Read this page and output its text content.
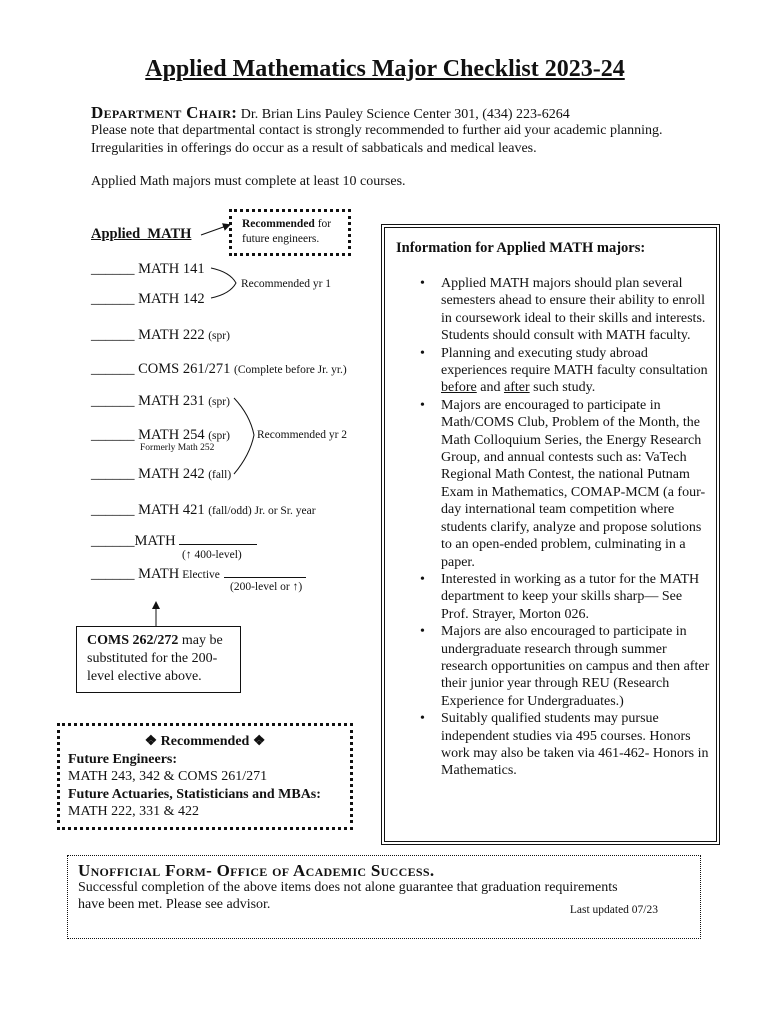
Applied Mathematics Major Checklist 2023-24
Department Chair: Dr. Brian Lins Pauley Science Center 301, (434) 223-6264
Please note that departmental contact is strongly recommended to further aid your academic planning.
Irregularities in offerings do occur as a result of sabbaticals and medical leaves.
Applied Math majors must complete at least 10 courses.
Applied  MATH
Recommended for
future engineers.
______ MATH 141
Recommended yr 1
______ MATH 142
______ MATH 222 (spr)
______ COMS 261/271 (Complete before Jr. yr.)
______ MATH 231 (spr)
______ MATH 254 (spr)
Formerly Math 252
Recommended yr 2
______ MATH 242 (fall)
______ MATH 421 (fall/odd) Jr. or Sr. year
______MATH
(↑ 400-level)
______ MATH Elective
(200-level or ↑)
COMS 262/272 may be
substituted for the 200-
level elective above.
❖ Recommended ❖
Future Engineers:
MATH 243, 342 & COMS 261/271
Future Actuaries, Statisticians and MBAs:
MATH 222, 331 & 422
Information for Applied MATH majors:
• Applied MATH majors should plan several semesters ahead to ensure their ability to enroll in coursework ideal to their skills and interests. Students should consult with MATH faculty.
• Planning and executing study abroad experiences require MATH faculty consultation before and after such study.
• Majors are encouraged to participate in Math/COMS Club, Problem of the Month, the Math Colloquium Series, the Energy Research Group, and annual contests such as: VaTech Regional Math Contest, the national Putnam Exam in Mathematics, COMAP-MCM (a four-day international team competition where students clarify, analyze and propose solutions to an open-ended problem, culminating in a paper.
• Interested in working as a tutor for the MATH department to keep your skills sharp— See Prof. Strayer, Morton 026.
• Majors are also encouraged to participate in undergraduate research through summer research opportunities on campus and then after their junior year through REU (Research Experience for Undergraduates.)
• Suitably qualified students may pursue independent studies via 495 courses. Honors work may also be taken via 461-462- Honors in Mathematics.
Unofficial Form- Office of Academic Success.
Successful completion of the above items does not alone guarantee that graduation requirements
have been met. Please see advisor.	Last updated 07/23
